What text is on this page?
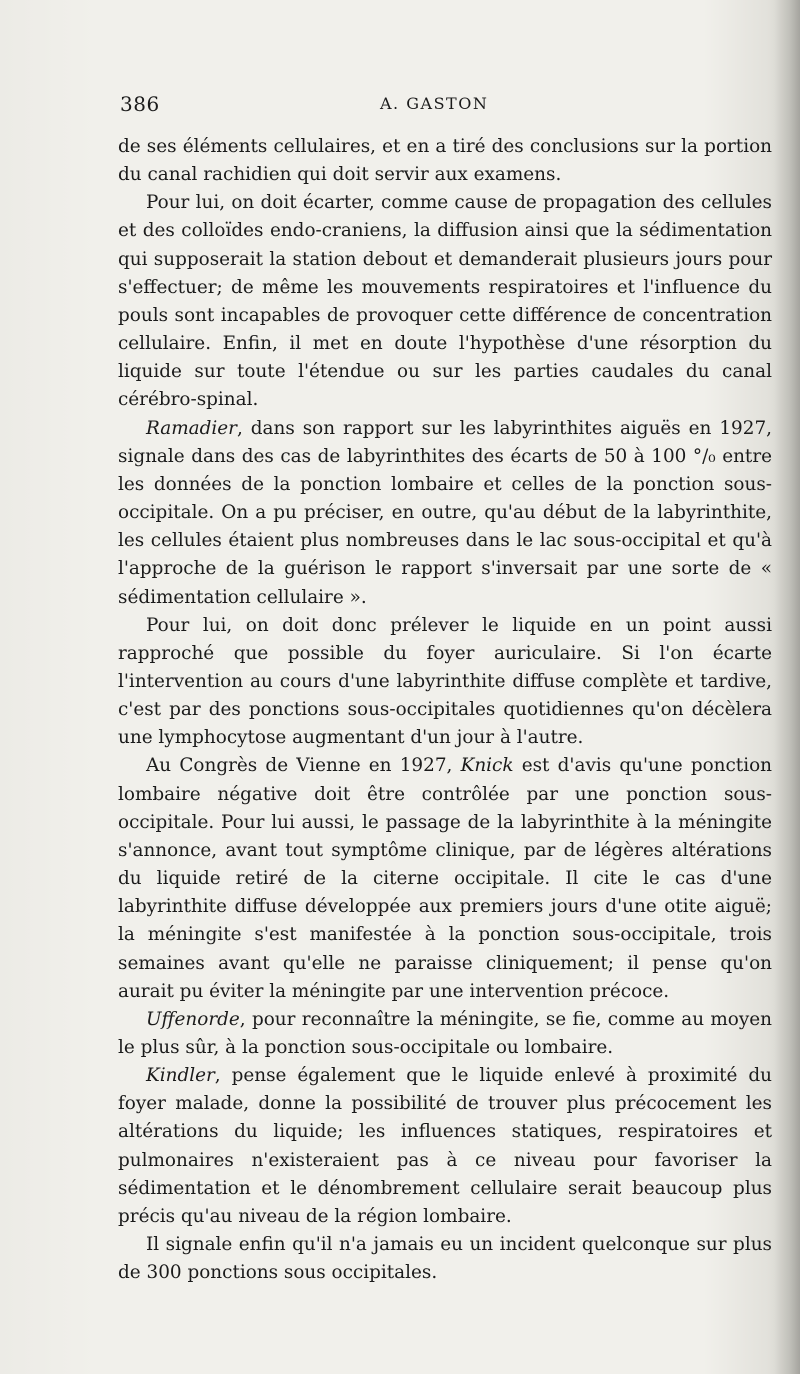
386	A. GASTON

de ses éléments cellulaires, et en a tiré des conclusions sur la portion du canal rachidien qui doit servir aux examens.

Pour lui, on doit écarter, comme cause de propagation des cellules et des colloïdes endo-craniens, la diffusion ainsi que la sédimentation qui supposerait la station debout et demanderait plusieurs jours pour s'effectuer; de même les mouvements respiratoires et l'influence du pouls sont incapables de provoquer cette différence de concentration cellulaire. Enfin, il met en doute l'hypothèse d'une résorption du liquide sur toute l'étendue ou sur les parties caudales du canal cérébro-spinal.

Ramadier, dans son rapport sur les labyrinthites aiguës en 1927, signale dans des cas de labyrinthites des écarts de 50 à 100 °/₀ entre les données de la ponction lombaire et celles de la ponction sous-occipitale. On a pu préciser, en outre, qu'au début de la labyrinthite, les cellules étaient plus nombreuses dans le lac sous-occipital et qu'à l'approche de la guérison le rapport s'inversait par une sorte de « sédimentation cellulaire ».

Pour lui, on doit donc prélever le liquide en un point aussi rapproché que possible du foyer auriculaire. Si l'on écarte l'intervention au cours d'une labyrinthite diffuse complète et tardive, c'est par des ponctions sous-occipitales quotidiennes qu'on décèlera une lymphocytose augmentant d'un jour à l'autre.

Au Congrès de Vienne en 1927, Knick est d'avis qu'une ponction lombaire négative doit être contrôlée par une ponction sous-occipitale. Pour lui aussi, le passage de la labyrinthite à la méningite s'annonce, avant tout symptôme clinique, par de légères altérations du liquide retiré de la citerne occipitale. Il cite le cas d'une labyrinthite diffuse développée aux premiers jours d'une otite aiguë; la méningite s'est manifestée à la ponction sous-occipitale, trois semaines avant qu'elle ne paraisse cliniquement; il pense qu'on aurait pu éviter la méningite par une intervention précoce.

Uffenorde, pour reconnaître la méningite, se fie, comme au moyen le plus sûr, à la ponction sous-occipitale ou lombaire.

Kindler, pense également que le liquide enlevé à proximité du foyer malade, donne la possibilité de trouver plus précocement les altérations du liquide; les influences statiques, respiratoires et pulmonaires n'existeraient pas à ce niveau pour favoriser la sédimentation et le dénombrement cellulaire serait beaucoup plus précis qu'au niveau de la région lombaire.

Il signale enfin qu'il n'a jamais eu un incident quelconque sur plus de 300 ponctions sous occipitales.
